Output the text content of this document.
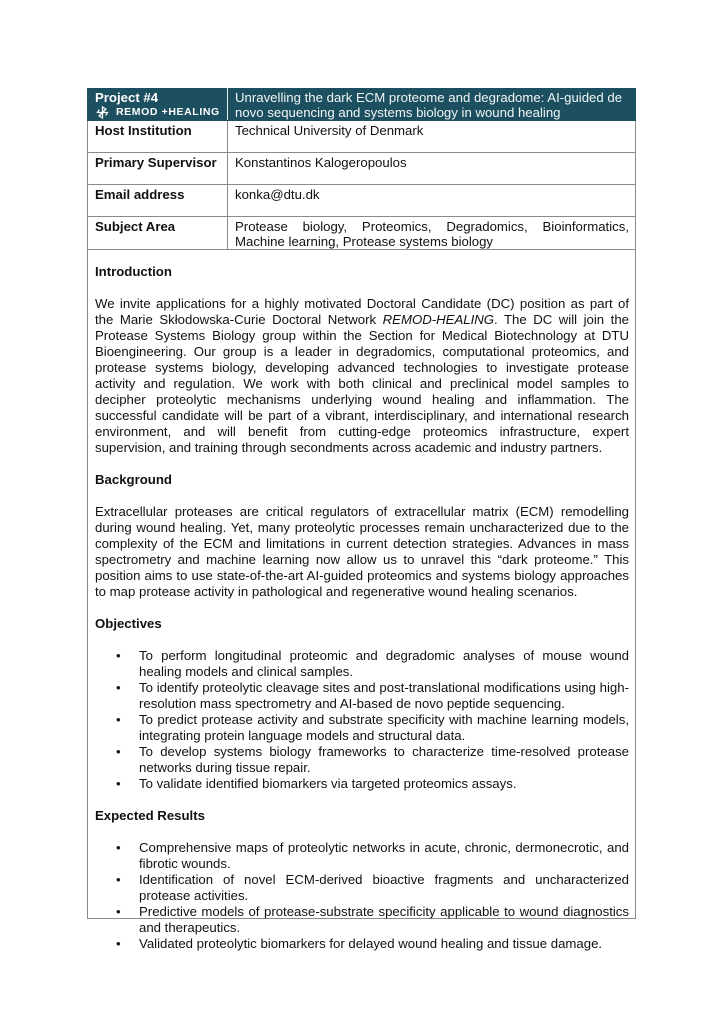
Project #4
REMOD +HEALING	Unravelling the dark ECM proteome and degradome: AI-guided de novo sequencing and systems biology in wound healing
Host Institution	Technical University of Denmark
Primary Supervisor	Konstantinos Kalogeropoulos
Email address	konka@dtu.dk
Subject Area	Protease biology, Proteomics, Degradomics, Bioinformatics, Machine learning, Protease systems biology
Introduction

We invite applications for a highly motivated Doctoral Candidate (DC) position as part of the Marie Skłodowska-Curie Doctoral Network REMOD-HEALING. The DC will join the Protease Systems Biology group within the Section for Medical Biotechnology at DTU Bioengineering. Our group is a leader in degradomics, computational proteomics, and protease systems biology, developing advanced technologies to investigate protease activity and regulation. We work with both clinical and preclinical model samples to decipher proteolytic mechanisms underlying wound healing and inflammation. The successful candidate will be part of a vibrant, interdisciplinary, and international research environment, and will benefit from cutting-edge proteomics infrastructure, expert supervision, and training through secondments across academic and industry partners.

Background

Extracellular proteases are critical regulators of extracellular matrix (ECM) remodelling during wound healing. Yet, many proteolytic processes remain uncharacterized due to the complexity of the ECM and limitations in current detection strategies. Advances in mass spectrometry and machine learning now allow us to unravel this “dark proteome.” This position aims to use state-of-the-art AI-guided proteomics and systems biology approaches to map protease activity in pathological and regenerative wound healing scenarios.

Objectives
• To perform longitudinal proteomic and degradomic analyses of mouse wound healing models and clinical samples.
• To identify proteolytic cleavage sites and post-translational modifications using high-resolution mass spectrometry and AI-based de novo peptide sequencing.
• To predict protease activity and substrate specificity with machine learning models, integrating protein language models and structural data.
• To develop systems biology frameworks to characterize time-resolved protease networks during tissue repair.
• To validate identified biomarkers via targeted proteomics assays.
Expected Results
• Comprehensive maps of proteolytic networks in acute, chronic, dermonecrotic, and fibrotic wounds.
• Identification of novel ECM-derived bioactive fragments and uncharacterized protease activities.
• Predictive models of protease-substrate specificity applicable to wound diagnostics and therapeutics.
• Validated proteolytic biomarkers for delayed wound healing and tissue damage.
